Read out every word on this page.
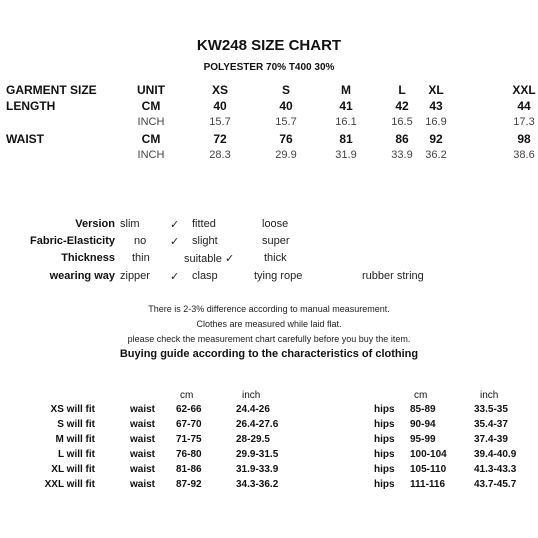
KW248 SIZE CHART
POLYESTER 70% T400 30%
GARMENT SIZE	UNIT	XS	S	M	L	XL	XXL
LENGTH	CM	40	40	41	42	43	44
INCH	15.7	15.7	16.1	16.5	16.9	17.3
WAIST	CM	72	76	81	86	92	98
INCH	28.3	29.9	31.9	33.9	36.2	38.6
Version slim	✓ fitted	loose
Fabric-Elasticity no ✓ slight	super
Thickness thin	suitable ✓	thick
wearing way zipper ✓ clasp	tying rope	rubber string
There is 2-3% difference according to manual measurement.
Clothes are measured while laid flat.
please check the measurement chart carefully before you buy the item.
Buying guide according to the characteristics of clothing
cm	inch	cm	inch
XS will fit	waist 62-66	24.4-26	hips 85-89	33.5-35
S will fit	waist 67-70	26.4-27.6	hips 90-94	35.4-37
M will fit	waist 71-75	28-29.5	hips 95-99	37.4-39
L will fit	waist 76-80	29.9-31.5	hips 100-104	39.4-40.9
XL will fit	waist 81-86	31.9-33.9	hips 105-110	41.3-43.3
XXL will fit	waist 87-92	34.3-36.2	hips 111-116	43.7-45.7
